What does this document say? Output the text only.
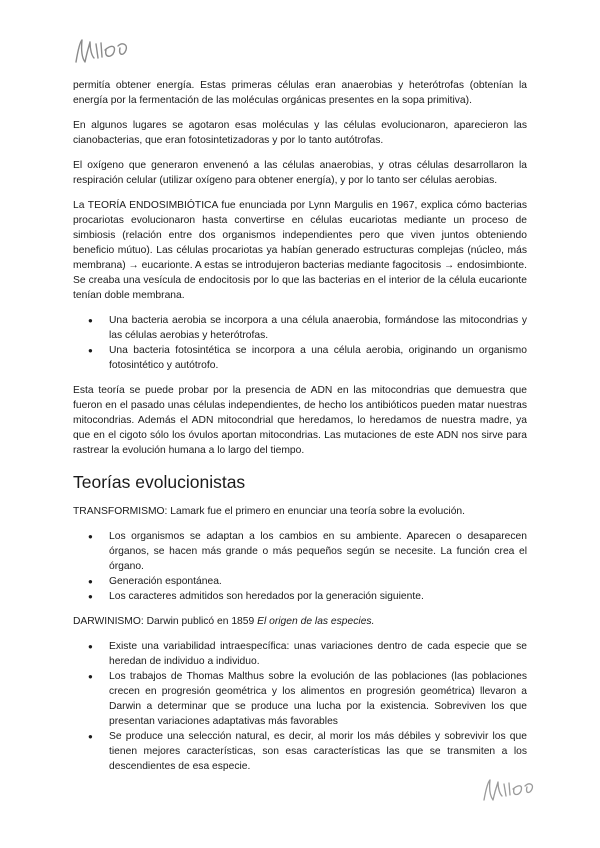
permitía obtener energía. Estas primeras células eran anaerobias y heterótrofas (obtenían la energía por la fermentación de las moléculas orgánicas presentes en la sopa primitiva).

En algunos lugares se agotaron esas moléculas y las células evolucionaron, aparecieron las cianobacterias, que eran fotosintetizadoras y por lo tanto autótrofas.

El oxígeno que generaron envenenó a las células anaerobias, y otras células desarrollaron la respiración celular (utilizar oxígeno para obtener energía), y por lo tanto ser células aerobias.

La TEORÍA ENDOSIMBIÓTICA fue enunciada por Lynn Margulis en 1967, explica cómo bacterias procariotas evolucionaron hasta convertirse en células eucariotas mediante un proceso de simbiosis (relación entre dos organismos independientes pero que viven juntos obteniendo beneficio mútuo). Las células procariotas ya habían generado estructuras complejas (núcleo, más membrana) → eucarionte. A estas se introdujeron bacterias mediante fagocitosis → endosimbionte. Se creaba una vesícula de endocitosis por lo que las bacterias en el interior de la célula eucarionte tenían doble membrana.

● Una bacteria aerobia se incorpora a una célula anaerobia, formándose las mitocondrias y las células aerobias y heterótrofas.
● Una bacteria fotosintética se incorpora a una célula aerobia, originando un organismo fotosintético y autótrofo.

Esta teoría se puede probar por la presencia de ADN en las mitocondrias que demuestra que fueron en el pasado unas células independientes, de hecho los antibióticos pueden matar nuestras mitocondrias. Además el ADN mitocondrial que heredamos, lo heredamos de nuestra madre, ya que en el cigoto sólo los óvulos aportan mitocondrias. Las mutaciones de este ADN nos sirve para rastrear la evolución humana a lo largo del tiempo.

Teorías evolucionistas

TRANSFORMISMO: Lamark fue el primero en enunciar una teoría sobre la evolución.

● Los organismos se adaptan a los cambios en su ambiente. Aparecen o desaparecen órganos, se hacen más grande o más pequeños según se necesite. La función crea el órgano.
● Generación espontánea.
● Los caracteres admitidos son heredados por la generación siguiente.

DARWINISMO: Darwin publicó en 1859 El origen de las especies.

● Existe una variabilidad intraespecífica: unas variaciones dentro de cada especie que se heredan de individuo a individuo.
● Los trabajos de Thomas Malthus sobre la evolución de las poblaciones (las poblaciones crecen en progresión geométrica y los alimentos en progresión geométrica) llevaron a Darwin a determinar que se produce una lucha por la existencia. Sobreviven los que presentan variaciones adaptativas más favorables
● Se produce una selección natural, es decir, al morir los más débiles y sobrevivir los que tienen mejores características, son esas características las que se transmiten a los descendientes de esa especie.
